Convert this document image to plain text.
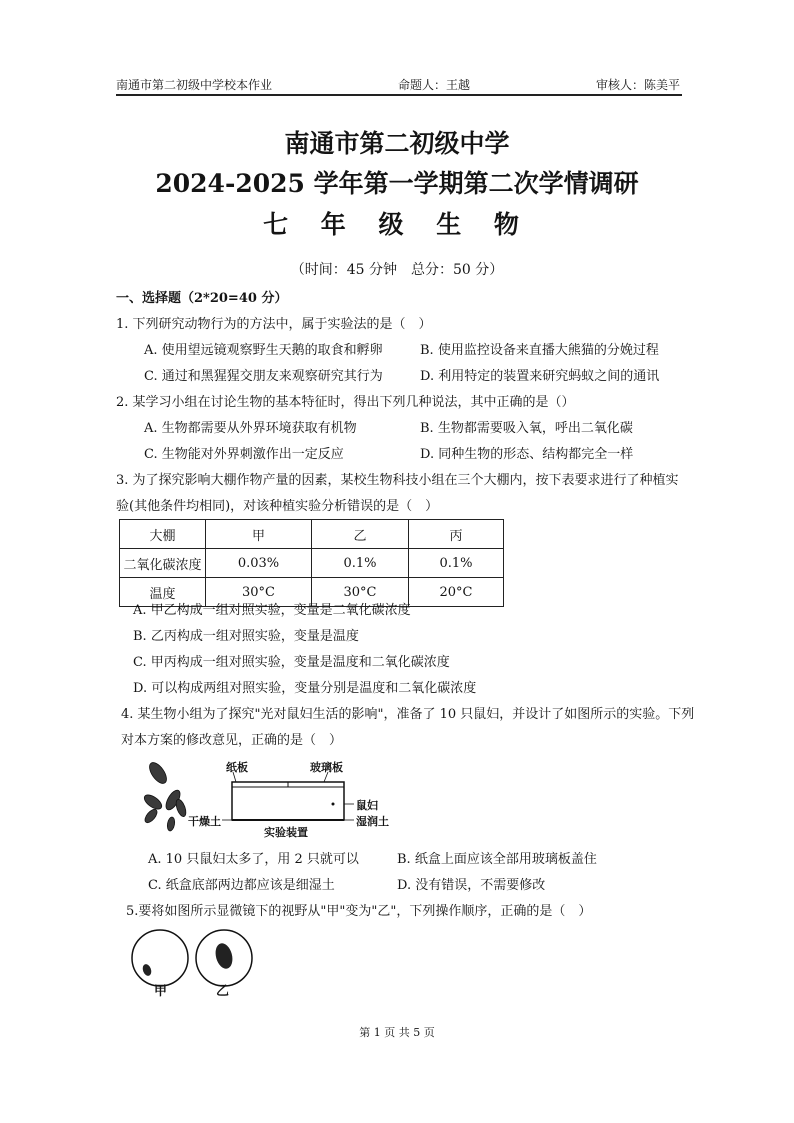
南通市第二初级中学校本作业	命题人：王越	审核人：陈美平
南通市第二初级中学
2024-2025 学年第一学期第二次学情调研
七 年 级 生 物
（时间：45 分钟　总分：50 分）
一、选择题（2*20=40 分）
1. 下列研究动物行为的方法中，属于实验法的是（　）
A. 使用望远镜观察野生天鹅的取食和孵卵	B. 使用监控设备来直播大熊猫的分娩过程
C. 通过和黑猩猩交朋友来观察研究其行为	D. 利用特定的装置来研究蚂蚁之间的通讯
2. 某学习小组在讨论生物的基本特征时，得出下列几种说法，其中正确的是（）
A. 生物都需要从外界环境获取有机物	B. 生物都需要吸入氧，呼出二氧化碳
C. 生物能对外界刺激作出一定反应	D. 同种生物的形态、结构都完全一样
3. 为了探究影响大棚作物产量的因素，某校生物科技小组在三个大棚内，按下表要求进行了种植实
验(其他条件均相同)，对该种植实验分析错误的是（　）
大棚	甲	乙	丙
二氧化碳浓度	0.03%	0.1%	0.1%
温度	30°C	30°C	20°C
A. 甲乙构成一组对照实验，变量是二氧化碳浓度
B. 乙丙构成一组对照实验，变量是温度
C. 甲丙构成一组对照实验，变量是温度和二氧化碳浓度
D. 可以构成两组对照实验，变量分别是温度和二氧化碳浓度
4. 某生物小组为了探究"光对鼠妇生活的影响"，准备了 10 只鼠妇，并设计了如图所示的实验。下列
对本方案的修改意见，正确的是（　）
纸板	玻璃板
鼠妇
湿润土
干燥土
实验装置
A. 10 只鼠妇太多了，用 2 只就可以	B. 纸盒上面应该全部用玻璃板盖住
C. 纸盒底部两边都应该是细湿土	D. 没有错误，不需要修改
5.要将如图所示显微镜下的视野从"甲"变为"乙"，下列操作顺序，正确的是（　）
甲	乙
第 1 页 共 5 页
